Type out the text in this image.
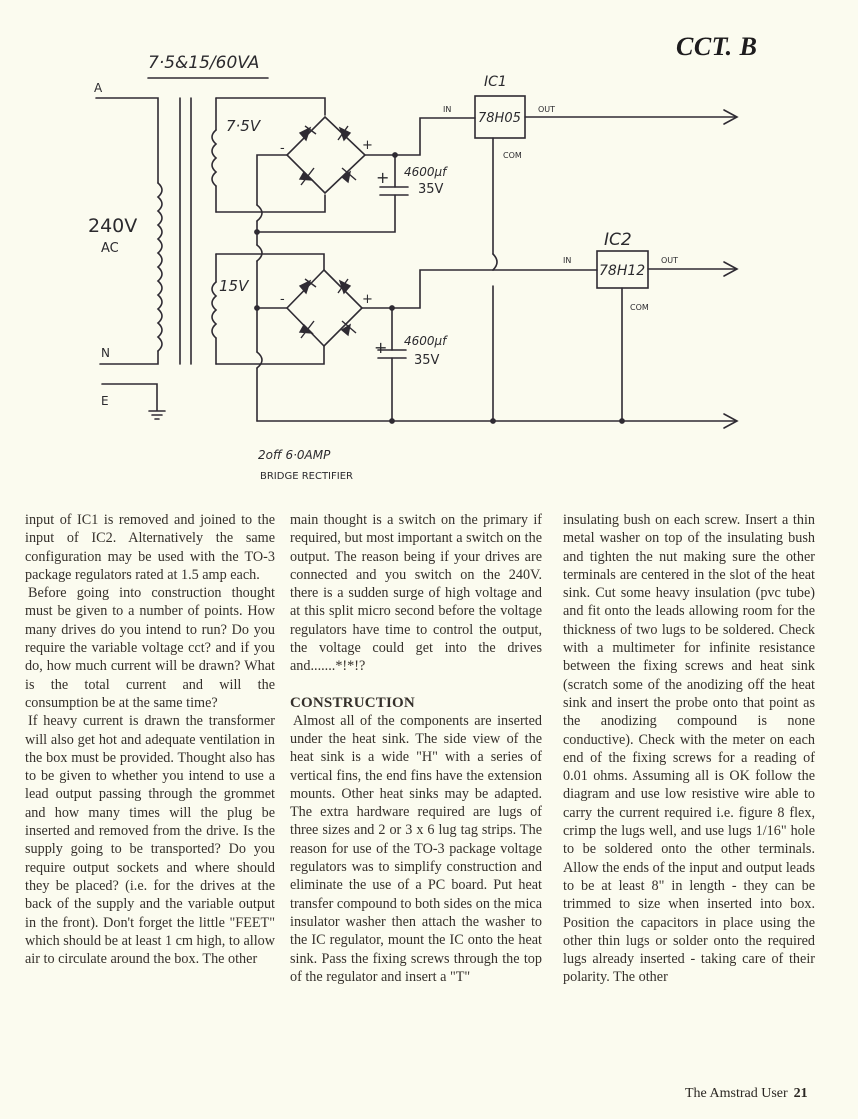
CCT. B
7·5&15/60VA
A
240V
AC
N
E
7·5V
15V
-	+
-	+
+ 4600µf
35V
+ 4600µf
35V
IC1
78H05
IN	OUT
COM
IC2
78H12
IN	OUT
COM
2off 6·0AMP
BRIDGE RECTIFIER

input of IC1 is removed and joined to the input of IC2. Alternatively the same configuration may be used with the TO-3 package regulators rated at 1.5 amp each.

Before going into construction thought must be given to a number of points. How many drives do you intend to run? Do you require the variable voltage cct? and if you do, how much current will be drawn? What is the total current and will the consumption be at the same time?

If heavy current is drawn the transformer will also get hot and adequate ventilation in the box must be provided. Thought also has to be given to whether you intend to use a lead output passing through the grommet and how many times will the plug be inserted and removed from the drive. Is the supply going to be transported? Do you require output sockets and where should they be placed? (i.e. for the drives at the back of the supply and the variable output in the front). Don't forget the little "FEET" which should be at least 1 cm high, to allow air to circulate around the box. The other

main thought is a switch on the primary if required, but most important a switch on the output. The reason being if your drives are connected and you switch on the 240V. there is a sudden surge of high voltage and at this split micro second before the voltage regulators have time to control the output, the voltage could get into the drives and.......*!*!?

CONSTRUCTION

Almost all of the components are inserted under the heat sink. The side view of the heat sink is a wide "H" with a series of vertical fins, the end fins have the extension mounts. Other heat sinks may be adapted. The extra hardware required are lugs of three sizes and 2 or 3 x 6 lug tag strips. The reason for use of the TO-3 package voltage regulators was to simplify construction and eliminate the use of a PC board. Put heat transfer compound to both sides on the mica insulator washer then attach the washer to the IC regulator, mount the IC onto the heat sink. Pass the fixing screws through the top of the regulator and insert a "T"

insulating bush on each screw. Insert a thin metal washer on top of the insulating bush and tighten the nut making sure the other terminals are centered in the slot of the heat sink. Cut some heavy insulation (pvc tube) and fit onto the leads allowing room for the thickness of two lugs to be soldered. Check with a multimeter for infinite resistance between the fixing screws and heat sink (scratch some of the anodizing off the heat sink and insert the probe onto that point as the anodizing compound is none conductive). Check with the meter on each end of the fixing screws for a reading of 0.01 ohms. Assuming all is OK follow the diagram and use low resistive wire able to carry the current required i.e. figure 8 flex, crimp the lugs well, and use lugs 1/16" hole to be soldered onto the other terminals. Allow the ends of the input and output leads to be at least 8" in length - they can be trimmed to size when inserted into box. Position the capacitors in place using the other thin lugs or solder onto the required lugs already inserted - taking care of their polarity. The other

The Amstrad User 21
